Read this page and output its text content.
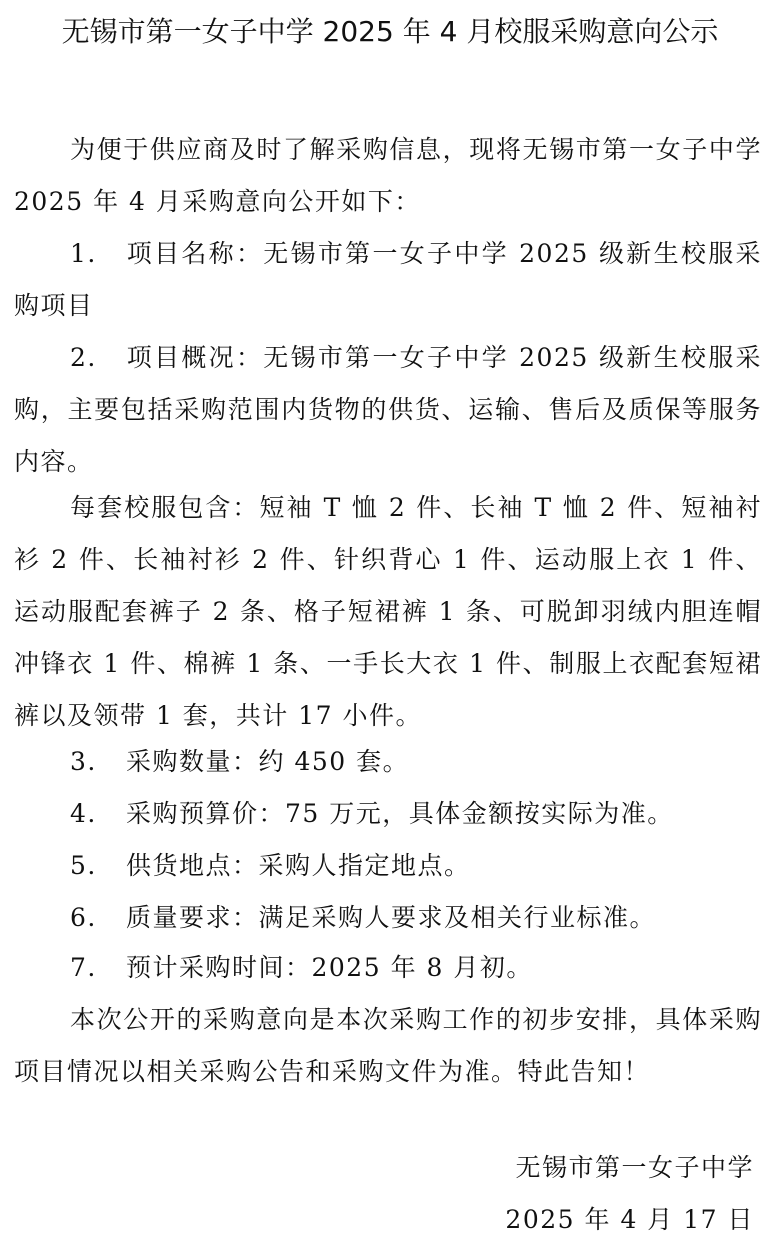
无锡市第一女子中学 2025 年 4 月校服采购意向公示
为便于供应商及时了解采购信息，现将无锡市第一女子中学 2025 年 4 月采购意向公开如下：
1. 项目名称：无锡市第一女子中学 2025 级新生校服采购项目
2. 项目概况：无锡市第一女子中学 2025 级新生校服采购，主要包括采购范围内货物的供货、运输、售后及质保等服务内容。
每套校服包含：短袖 T 恤 2 件、长袖 T 恤 2 件、短袖衬衫 2 件、长袖衬衫 2 件、针织背心 1 件、运动服上衣 1 件、运动服配套裤子 2 条、格子短裙裤 1 条、可脱卸羽绒内胆连帽冲锋衣 1 件、棉裤 1 条、一手长大衣 1 件、制服上衣配套短裙裤以及领带 1 套，共计 17 小件。
3. 采购数量：约 450 套。
4. 采购预算价：75 万元，具体金额按实际为准。
5. 供货地点：采购人指定地点。
6. 质量要求：满足采购人要求及相关行业标准。
7. 预计采购时间：2025 年 8 月初。
本次公开的采购意向是本次采购工作的初步安排，具体采购项目情况以相关采购公告和采购文件为准。特此告知！
无锡市第一女子中学
2025 年 4 月 17 日
